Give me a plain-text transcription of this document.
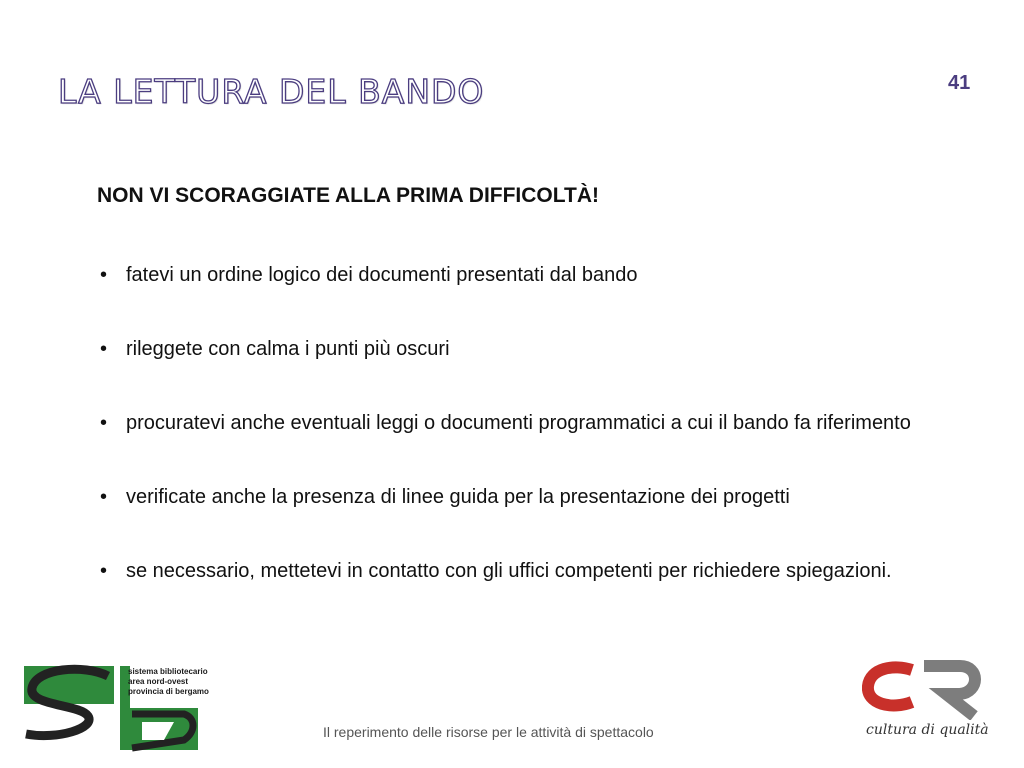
LA LETTURA DEL BANDO	41
NON VI SCORAGGIATE ALLA PRIMA DIFFICOLTÀ!
• fatevi un ordine logico dei documenti presentati dal bando
• rileggete con calma i punti più oscuri
• procuratevi anche eventuali leggi o documenti programmatici a cui il bando fa riferimento
• verificate anche la presenza di linee guida per la presentazione dei progetti
• se necessario, mettetevi in contatto con gli uffici competenti per richiedere spiegazioni.
sistema bibliotecario
area nord-ovest
provincia di bergamo
Il reperimento delle risorse per le attività di spettacolo	cultura di qualità
